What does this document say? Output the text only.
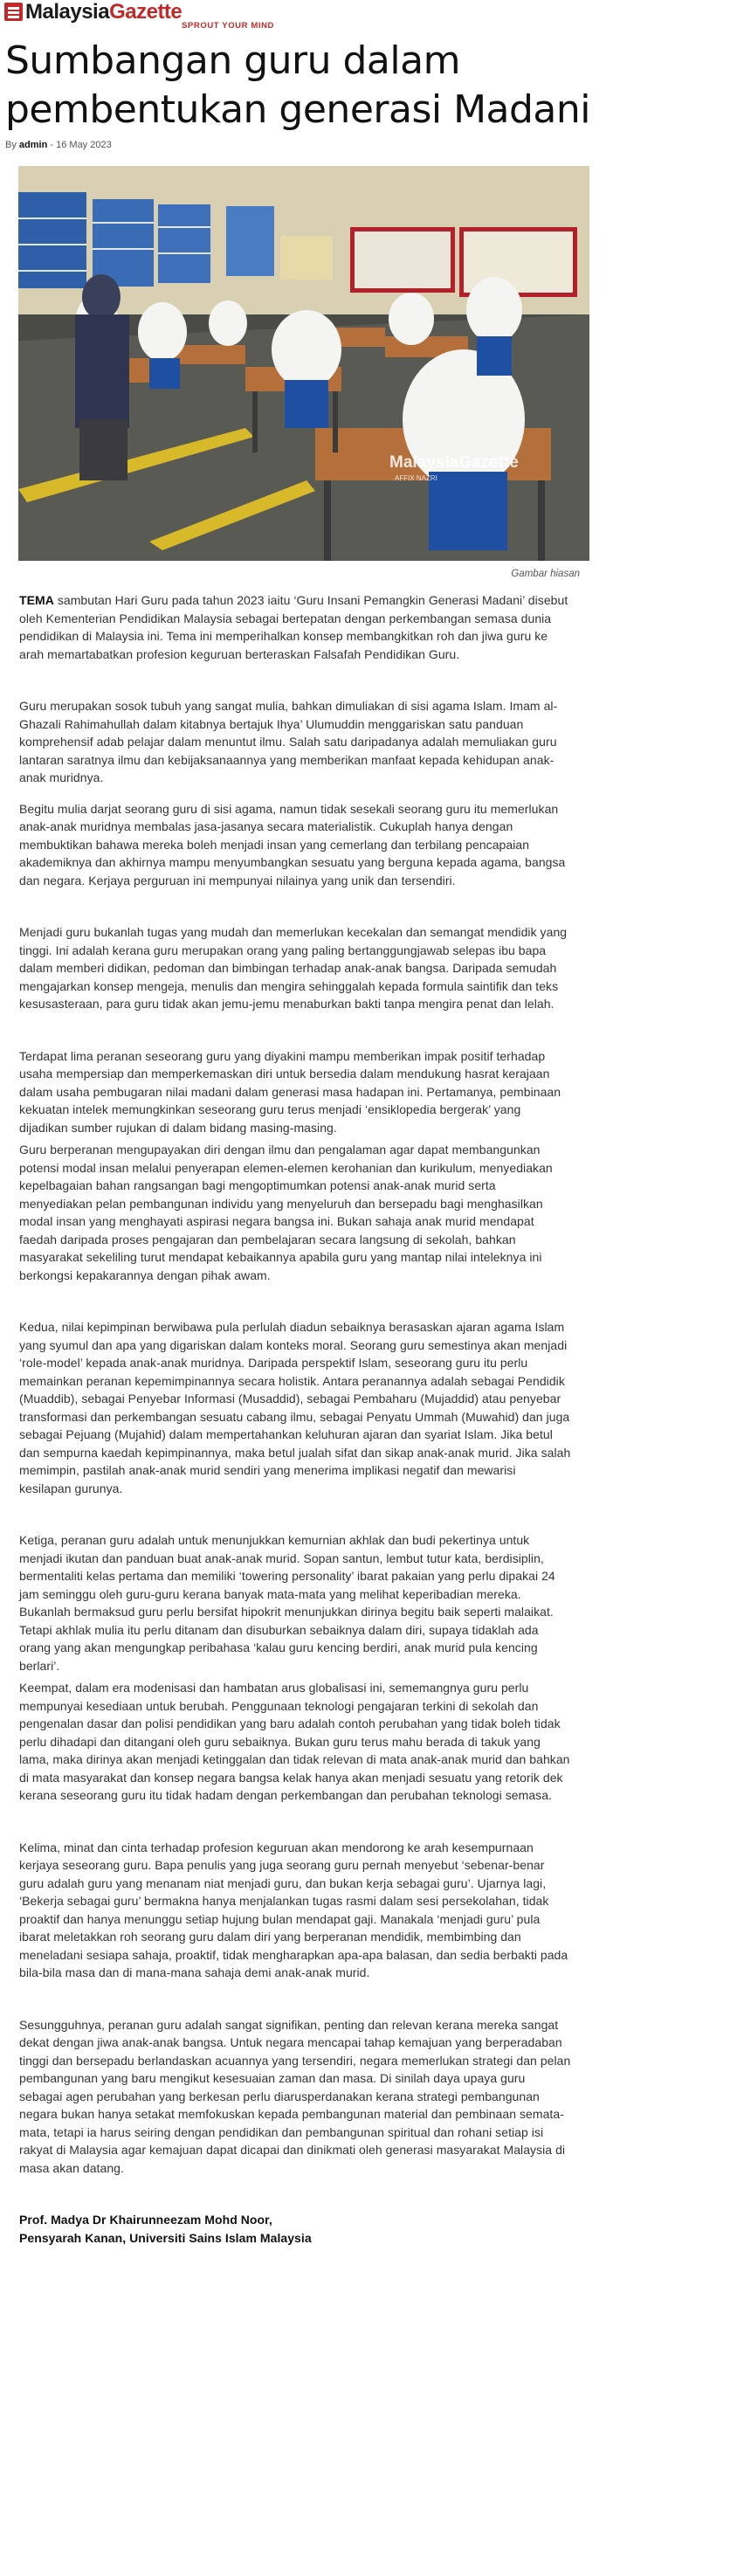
MalaysiaGazette
SPROUT YOUR MIND
Sumbangan guru dalam pembentukan generasi Madani
By admin - 16 May 2023
MalaysiaGazette
AFFIX NAZRI
Gambar hiasan

TEMA sambutan Hari Guru pada tahun 2023 iaitu ‘Guru Insani Pemangkin Generasi Madani’ disebut oleh Kementerian Pendidikan Malaysia sebagai bertepatan dengan perkembangan semasa dunia pendidikan di Malaysia ini. Tema ini memperihalkan konsep membangkitkan roh dan jiwa guru ke arah memartabatkan profesion keguruan berteraskan Falsafah Pendidikan Guru.

Guru merupakan sosok tubuh yang sangat mulia, bahkan dimuliakan di sisi agama Islam. Imam al-Ghazali Rahimahullah dalam kitabnya bertajuk Ihya’ Ulumuddin menggariskan satu panduan komprehensif adab pelajar dalam menuntut ilmu. Salah satu daripadanya adalah memuliakan guru lantaran saratnya ilmu dan kebijaksanaannya yang memberikan manfaat kepada kehidupan anak-anak muridnya.

Begitu mulia darjat seorang guru di sisi agama, namun tidak sesekali seorang guru itu memerlukan anak-anak muridnya membalas jasa-jasanya secara materialistik. Cukuplah hanya dengan membuktikan bahawa mereka boleh menjadi insan yang cemerlang dan terbilang pencapaian akademiknya dan akhirnya mampu menyumbangkan sesuatu yang berguna kepada agama, bangsa dan negara. Kerjaya perguruan ini mempunyai nilainya yang unik dan tersendiri.

Menjadi guru bukanlah tugas yang mudah dan memerlukan kecekalan dan semangat mendidik yang tinggi. Ini adalah kerana guru merupakan orang yang paling bertanggungjawab selepas ibu bapa dalam memberi didikan, pedoman dan bimbingan terhadap anak-anak bangsa. Daripada semudah mengajarkan konsep mengeja, menulis dan mengira sehinggalah kepada formula saintifik dan teks kesusasteraan, para guru tidak akan jemu-jemu menaburkan bakti tanpa mengira penat dan lelah.

Terdapat lima peranan seseorang guru yang diyakini mampu memberikan impak positif terhadap usaha mempersiap dan memperkemaskan diri untuk bersedia dalam mendukung hasrat kerajaan dalam usaha pembugaran nilai madani dalam generasi masa hadapan ini. Pertamanya, pembinaan kekuatan intelek memungkinkan seseorang guru terus menjadi ‘ensiklopedia bergerak’ yang dijadikan sumber rujukan di dalam bidang masing-masing.

Guru berperanan mengupayakan diri dengan ilmu dan pengalaman agar dapat membangunkan potensi modal insan melalui penyerapan elemen-elemen kerohanian dan kurikulum, menyediakan kepelbagaian bahan rangsangan bagi mengoptimumkan potensi anak-anak murid serta menyediakan pelan pembangunan individu yang menyeluruh dan bersepadu bagi menghasilkan modal insan yang menghayati aspirasi negara bangsa ini. Bukan sahaja anak murid mendapat faedah daripada proses pengajaran dan pembelajaran secara langsung di sekolah, bahkan masyarakat sekeliling turut mendapat kebaikannya apabila guru yang mantap nilai inteleknya ini berkongsi kepakarannya dengan pihak awam.

Kedua, nilai kepimpinan berwibawa pula perlulah diadun sebaiknya berasaskan ajaran agama Islam yang syumul dan apa yang digariskan dalam konteks moral. Seorang guru semestinya akan menjadi ‘role-model’ kepada anak-anak muridnya. Daripada perspektif Islam, seseorang guru itu perlu memainkan peranan kepemimpinannya secara holistik. Antara peranannya adalah sebagai Pendidik (Muaddib), sebagai Penyebar Informasi (Musaddid), sebagai Pembaharu (Mujaddid) atau penyebar transformasi dan perkembangan sesuatu cabang ilmu, sebagai Penyatu Ummah (Muwahid) dan juga sebagai Pejuang (Mujahid) dalam mempertahankan keluhuran ajaran dan syariat Islam. Jika betul dan sempurna kaedah kepimpinannya, maka betul jualah sifat dan sikap anak-anak murid. Jika salah memimpin, pastilah anak-anak murid sendiri yang menerima implikasi negatif dan mewarisi kesilapan gurunya.

Ketiga, peranan guru adalah untuk menunjukkan kemurnian akhlak dan budi pekertinya untuk menjadi ikutan dan panduan buat anak-anak murid. Sopan santun, lembut tutur kata, berdisiplin, bermentaliti kelas pertama dan memiliki ‘towering personality’ ibarat pakaian yang perlu dipakai 24 jam seminggu oleh guru-guru kerana banyak mata-mata yang melihat keperibadian mereka. Bukanlah bermaksud guru perlu bersifat hipokrit menunjukkan dirinya begitu baik seperti malaikat. Tetapi akhlak mulia itu perlu ditanam dan disuburkan sebaiknya dalam diri, supaya tidaklah ada orang yang akan mengungkap peribahasa ‘kalau guru kencing berdiri, anak murid pula kencing berlari’.

Keempat, dalam era modenisasi dan hambatan arus globalisasi ini, sememangnya guru perlu mempunyai kesediaan untuk berubah. Penggunaan teknologi pengajaran terkini di sekolah dan pengenalan dasar dan polisi pendidikan yang baru adalah contoh perubahan yang tidak boleh tidak perlu dihadapi dan ditangani oleh guru sebaiknya. Bukan guru terus mahu berada di takuk yang lama, maka dirinya akan menjadi ketinggalan dan tidak relevan di mata anak-anak murid dan bahkan di mata masyarakat dan konsep negara bangsa kelak hanya akan menjadi sesuatu yang retorik dek kerana seseorang guru itu tidak hadam dengan perkembangan dan perubahan teknologi semasa.

Kelima, minat dan cinta terhadap profesion keguruan akan mendorong ke arah kesempurnaan kerjaya seseorang guru. Bapa penulis yang juga seorang guru pernah menyebut ‘sebenar-benar guru adalah guru yang menanam niat menjadi guru, dan bukan kerja sebagai guru’. Ujarnya lagi, ‘Bekerja sebagai guru’ bermakna hanya menjalankan tugas rasmi dalam sesi persekolahan, tidak proaktif dan hanya menunggu setiap hujung bulan mendapat gaji. Manakala ‘menjadi guru’ pula ibarat meletakkan roh seorang guru dalam diri yang berperanan mendidik, membimbing dan meneladani sesiapa sahaja, proaktif, tidak mengharapkan apa-apa balasan, dan sedia berbakti pada bila-bila masa dan di mana-mana sahaja demi anak-anak murid.

Sesungguhnya, peranan guru adalah sangat signifikan, penting dan relevan kerana mereka sangat dekat dengan jiwa anak-anak bangsa. Untuk negara mencapai tahap kemajuan yang berperadaban tinggi dan bersepadu berlandaskan acuannya yang tersendiri, negara memerlukan strategi dan pelan pembangunan yang baru mengikut kesesuaian zaman dan masa. Di sinilah daya upaya guru sebagai agen perubahan yang berkesan perlu diarusperdanakan kerana strategi pembangunan negara bukan hanya setakat memfokuskan kepada pembangunan material dan pembinaan semata-mata, tetapi ia harus seiring dengan pendidikan dan pembangunan spiritual dan rohani setiap isi rakyat di Malaysia agar kemajuan dapat dicapai dan dinikmati oleh generasi masyarakat Malaysia di masa akan datang.

Prof. Madya Dr Khairunneezam Mohd Noor,

Pensyarah Kanan, Universiti Sains Islam Malaysia
